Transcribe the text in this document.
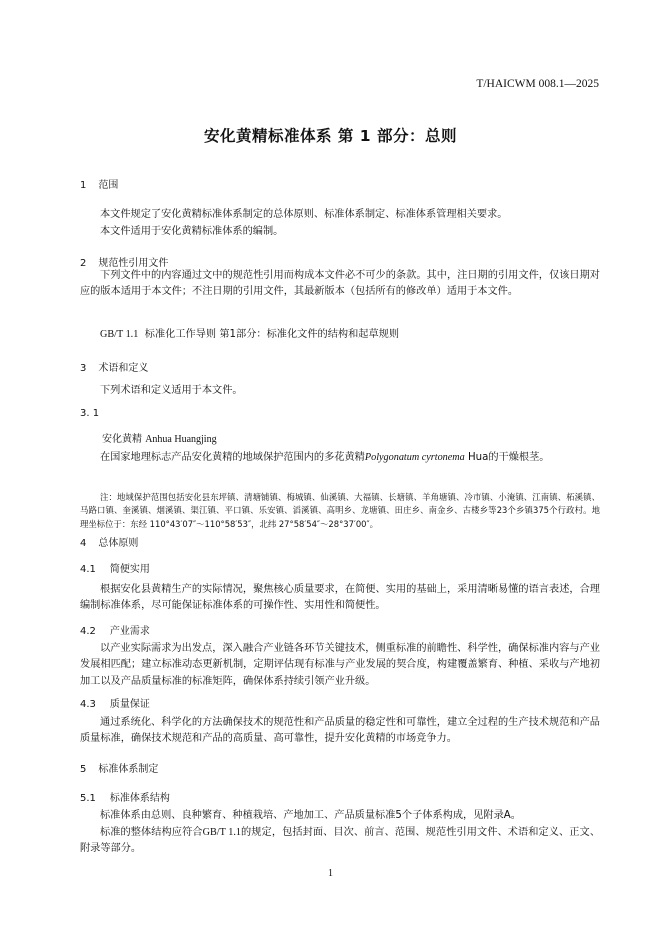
T/HAICWM 008.1—2025
安化黄精标准体系 第 1 部分：总则
1 范围
本文件规定了安化黄精标准体系制定的总体原则、标准体系制定、标准体系管理相关要求。
本文件适用于安化黄精标准体系的编制。
2 规范性引用文件
下列文件中的内容通过文中的规范性引用而构成本文件必不可少的条款。其中，注日期的引用文件，仅该日期对应的版本适用于本文件；不注日期的引用文件，其最新版本（包括所有的修改单）适用于本文件。
GB/T 1.1 标准化工作导则 第1部分：标准化文件的结构和起草规则
3 术语和定义
下列术语和定义适用于本文件。
3. 1
安化黄精 Anhua Huangjing
在国家地理标志产品安化黄精的地域保护范围内的多花黄精Polygonatum cyrtonema Hua的干燥根茎。
注：地域保护范围包括安化县东坪镇、清塘铺镇、梅城镇、仙溪镇、大福镇、长塘镇、羊角塘镇、冷市镇、小淹镇、江南镇、柘溪镇、马路口镇、奎溪镇、烟溪镇、渠江镇、平口镇、乐安镇、滔溪镇、高明乡、龙塘镇、田庄乡、南金乡、古楼乡等23个乡镇375个行政村。地理坐标位于：东经 110°43′07″～110°58′53″，北纬 27°58′54″～28°37′00″。
4 总体原则
4.1 简便实用
根据安化县黄精生产的实际情况，聚焦核心质量要求，在简便、实用的基础上，采用清晰易懂的语言表述，合理编制标准体系，尽可能保证标准体系的可操作性、实用性和简便性。
4.2 产业需求
以产业实际需求为出发点，深入融合产业链各环节关键技术，侧重标准的前瞻性、科学性，确保标准内容与产业发展相匹配；建立标准动态更新机制，定期评估现有标准与产业发展的契合度，构建覆盖繁育、种植、采收与产地初加工以及产品质量标准的标准矩阵，确保体系持续引领产业升级。
4.3 质量保证
通过系统化、科学化的方法确保技术的规范性和产品质量的稳定性和可靠性，建立全过程的生产技术规范和产品质量标准，确保技术规范和产品的高质量、高可靠性，提升安化黄精的市场竞争力。
5 标准体系制定
5.1 标准体系结构
标准体系由总则、良种繁育、种植栽培、产地加工、产品质量标准5个子体系构成，见附录A。
标准的整体结构应符合GB/T 1.1的规定，包括封面、目次、前言、范围、规范性引用文件、术语和定义、正文、附录等部分。
1
